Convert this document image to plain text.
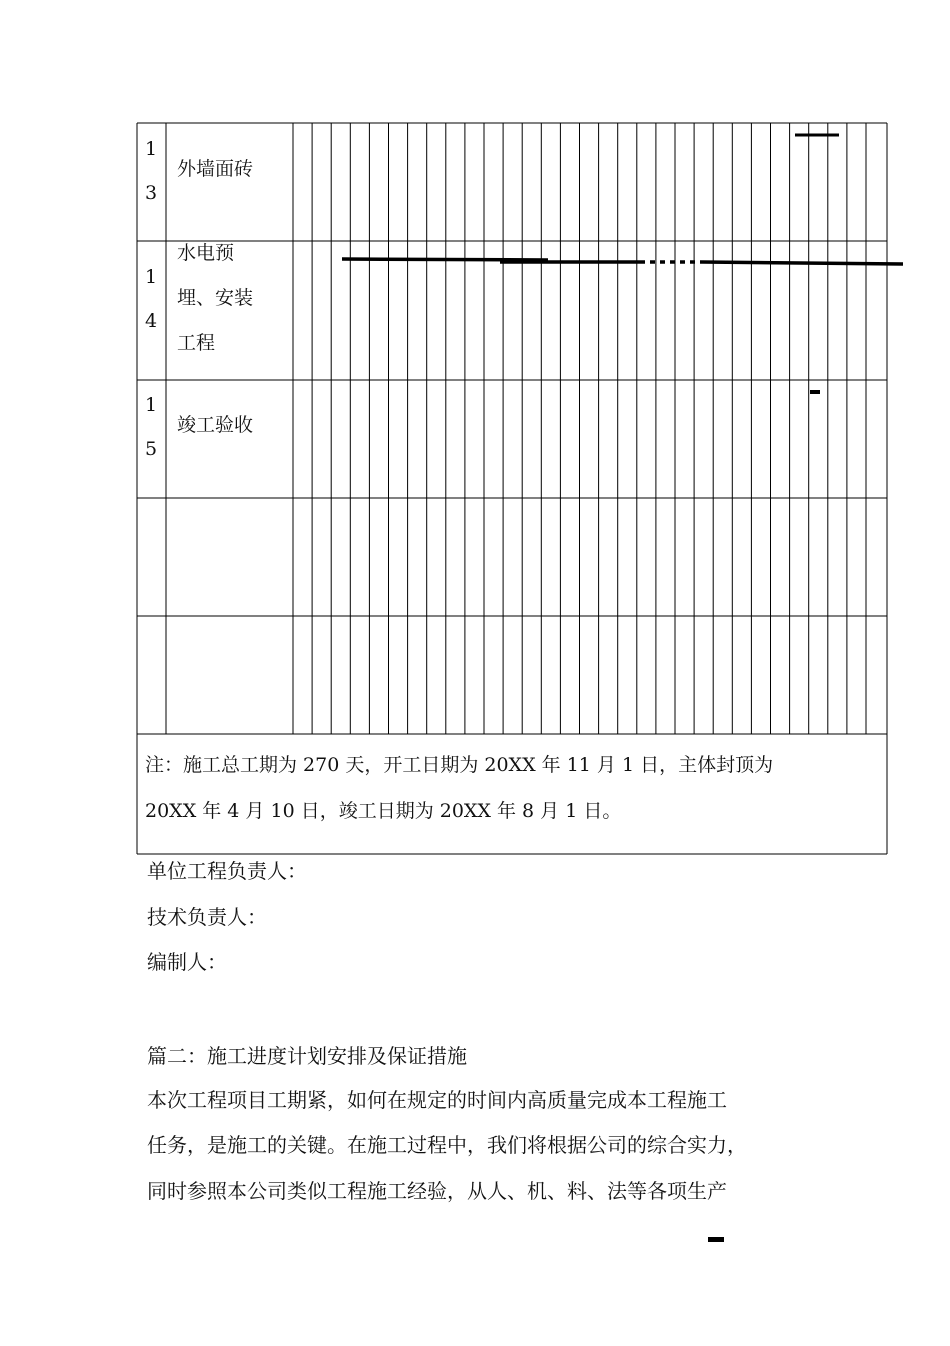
1
3
外墙面砖
1
4
水电预
埋、安装
工程
1
5
竣工验收
注：施工总工期为 270 天，开工日期为 20XX 年 11 月 1 日，主体封顶为
20XX 年 4 月 10 日，竣工日期为 20XX 年 8 月 1 日。
单位工程负责人：
技术负责人：
编制人：
篇二：施工进度计划安排及保证措施
本次工程项目工期紧，如何在规定的时间内高质量完成本工程施工
任务，是施工的关键。在施工过程中，我们将根据公司的综合实力，
同时参照本公司类似工程施工经验，从人、机、料、法等各项生产
